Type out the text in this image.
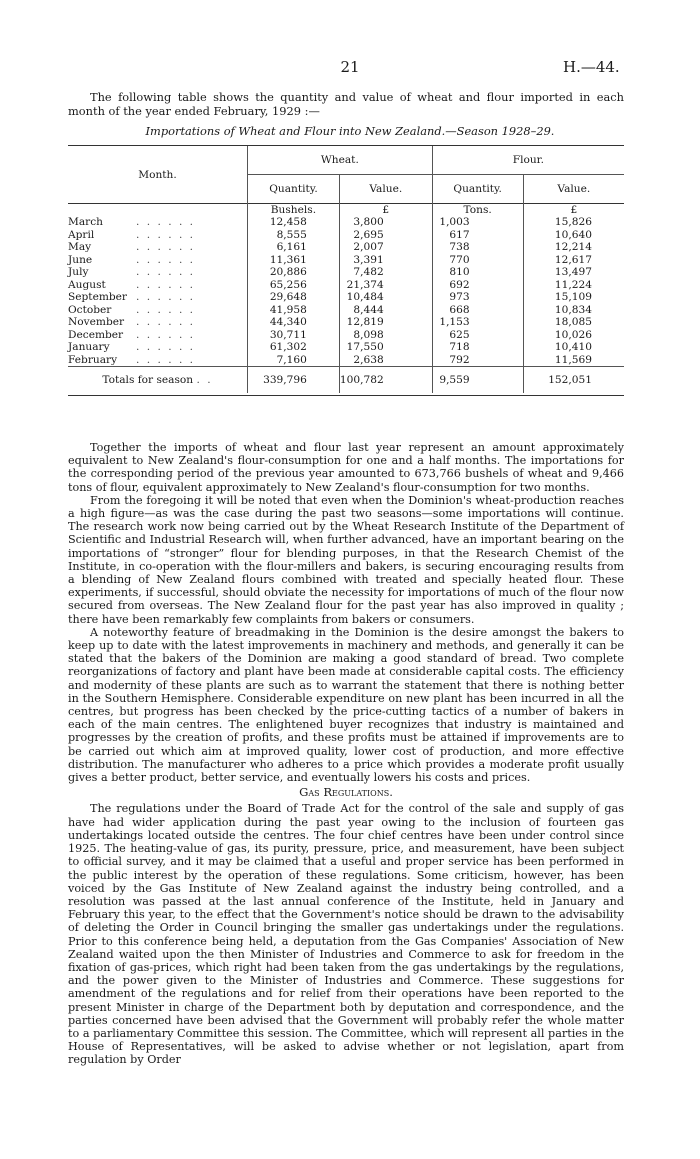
21	H.—44.
The following table shows the quantity and value of wheat and flour imported in each month of the year ended February, 1929 :—
Importations of Wheat and Flour into New Zealand.—Season 1928–29.
Month.	Wheat.		Flour.	
	Quantity.	Value.	Quantity.	Value.
	Bushels.	£	Tons.	£
March . . . . . .	12,458	3,800	1,003	15,826
April . . . . . .	8,555	2,695	617	10,640
May . . . . . .	6,161	2,007	738	12,214
June . . . . . .	11,361	3,391	770	12,617
July . . . . . .	20,886	7,482	810	13,497
August . . . . . .	65,256	21,374	692	11,224
September . . . . . .	29,648	10,484	973	15,109
October . . . . . .	41,958	8,444	668	10,834
November . . . . . .	44,340	12,819	1,153	18,085
December . . . . . .	30,711	8,098	625	10,026
January . . . . . .	61,302	17,550	718	10,410
February . . . . . .	7,160	2,638	792	11,569
Totals for season . .	339,796	100,782	9,559	152,051

Together the imports of wheat and flour last year represent an amount approximately equivalent to New Zealand's flour-consumption for one and a half months. The importations for the corresponding period of the previous year amounted to 673,766 bushels of wheat and 9,466 tons of flour, equivalent approximately to New Zealand's flour-consumption for two months.

From the foregoing it will be noted that even when the Dominion's wheat-production reaches a high figure—as was the case during the past two seasons—some importations will continue. The research work now being carried out by the Wheat Research Institute of the Department of Scientific and Industrial Research will, when further advanced, have an important bearing on the importations of “stronger” flour for blending purposes, in that the Research Chemist of the Institute, in co-operation with the flour-millers and bakers, is securing encouraging results from a blending of New Zealand flours combined with treated and specially heated flour. These experiments, if successful, should obviate the necessity for importations of much of the flour now secured from overseas. The New Zealand flour for the past year has also improved in quality ; there have been remarkably few complaints from bakers or consumers.

A noteworthy feature of breadmaking in the Dominion is the desire amongst the bakers to keep up to date with the latest improvements in machinery and methods, and generally it can be stated that the bakers of the Dominion are making a good standard of bread. Two complete reorganizations of factory and plant have been made at considerable capital costs. The efficiency and modernity of these plants are such as to warrant the statement that there is nothing better in the Southern Hemisphere. Considerable expenditure on new plant has been incurred in all the centres, but progress has been checked by the price-cutting tactics of a number of bakers in each of the main centres. The enlightened buyer recognizes that industry is maintained and progresses by the creation of profits, and these profits must be attained if improvements are to be carried out which aim at improved quality, lower cost of production, and more effective distribution. The manufacturer who adheres to a price which provides a moderate profit usually gives a better product, better service, and eventually lowers his costs and prices.

Gas Regulations.

The regulations under the Board of Trade Act for the control of the sale and supply of gas have had wider application during the past year owing to the inclusion of fourteen gas undertakings located outside the centres. The four chief centres have been under control since 1925. The heating-value of gas, its purity, pressure, price, and measurement, have been subject to official survey, and it may be claimed that a useful and proper service has been performed in the public interest by the operation of these regulations. Some criticism, however, has been voiced by the Gas Institute of New Zealand against the industry being controlled, and a resolution was passed at the last annual conference of the Institute, held in January and February this year, to the effect that the Government's notice should be drawn to the advisability of deleting the Order in Council bringing the smaller gas undertakings under the regulations. Prior to this conference being held, a deputation from the Gas Companies' Association of New Zealand waited upon the then Minister of Industries and Commerce to ask for freedom in the fixation of gas-prices, which right had been taken from the gas undertakings by the regulations, and the power given to the Minister of Industries and Commerce. These suggestions for amendment of the regulations and for relief from their operations have been reported to the present Minister in charge of the Department both by deputation and correspondence, and the parties concerned have been advised that the Government will probably refer the whole matter to a parliamentary Committee this session. The Committee, which will represent all parties in the House of Representatives, will be asked to advise whether or not legislation, apart from regulation by Order
